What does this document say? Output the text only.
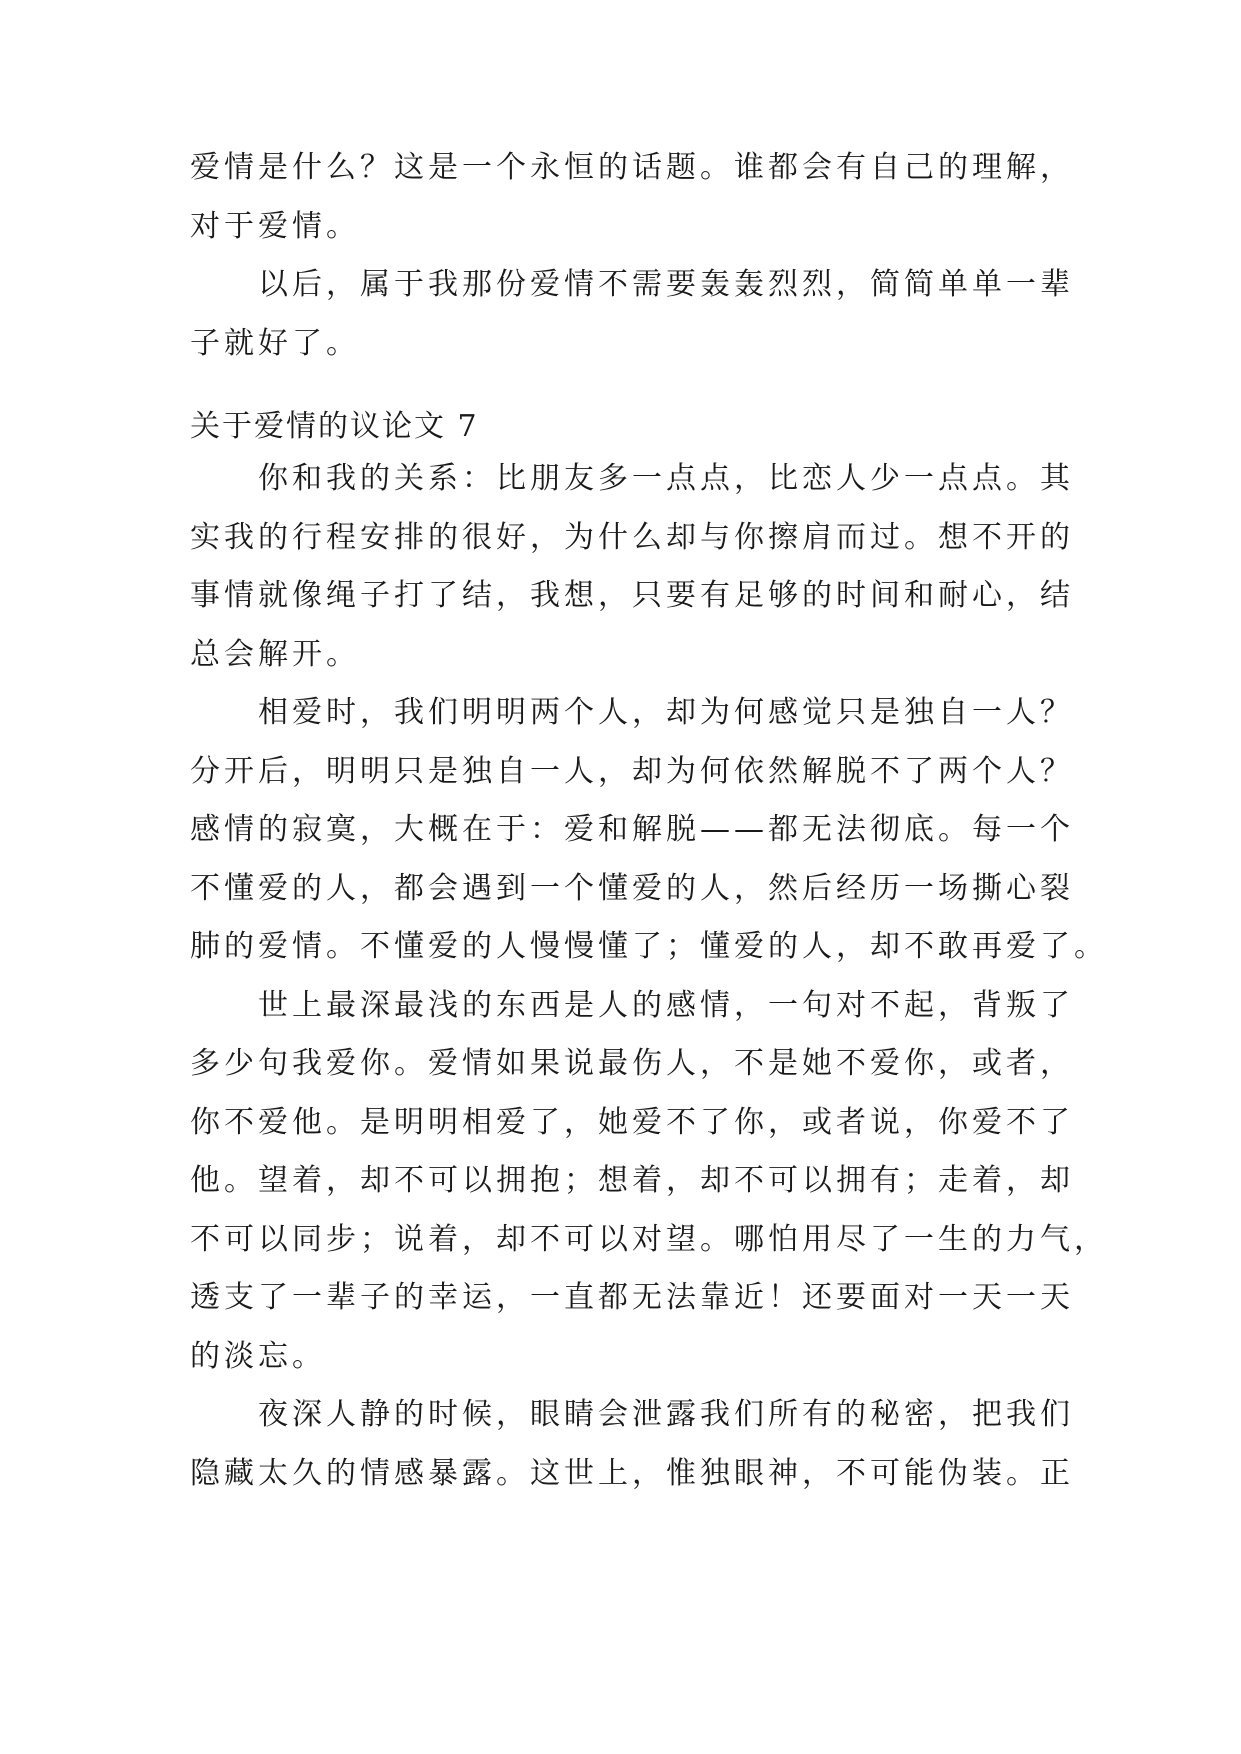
爱情是什么？这是一个永恒的话题。谁都会有自己的理解，
对于爱情。
以后，属于我那份爱情不需要轰轰烈烈，简简单单一辈
子就好了。
关于爱情的议论文 7
你和我的关系：比朋友多一点点，比恋人少一点点。其
实我的行程安排的很好，为什么却与你擦肩而过。想不开的
事情就像绳子打了结，我想，只要有足够的时间和耐心，结
总会解开。
相爱时，我们明明两个人，却为何感觉只是独自一人？
分开后，明明只是独自一人，却为何依然解脱不了两个人？
感情的寂寞，大概在于：爱和解脱——都无法彻底。每一个
不懂爱的人，都会遇到一个懂爱的人，然后经历一场撕心裂
肺的爱情。不懂爱的人慢慢懂了；懂爱的人，却不敢再爱了。
世上最深最浅的东西是人的感情，一句对不起，背叛了
多少句我爱你。爱情如果说最伤人，不是她不爱你，或者，
你不爱他。是明明相爱了，她爱不了你，或者说，你爱不了
他。望着，却不可以拥抱；想着，却不可以拥有；走着，却
不可以同步；说着，却不可以对望。哪怕用尽了一生的力气，
透支了一辈子的幸运，一直都无法靠近！还要面对一天一天
的淡忘。
夜深人静的时候，眼睛会泄露我们所有的秘密，把我们
隐藏太久的情感暴露。这世上，惟独眼神，不可能伪装。正
